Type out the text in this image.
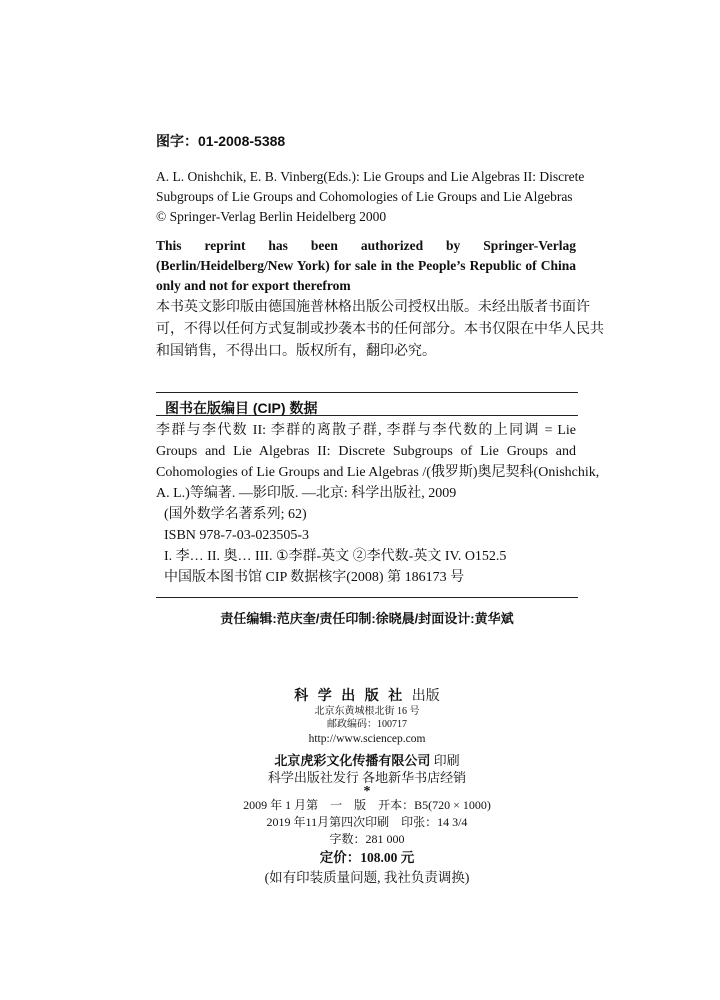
图字：01-2008-5388
A. L. Onishchik, E. B. Vinberg(Eds.): Lie Groups and Lie Algebras II: Discrete
Subgroups of Lie Groups and Cohomologies of Lie Groups and Lie Algebras
© Springer-Verlag Berlin Heidelberg 2000
This reprint has been authorized by Springer-Verlag (Berlin/Heidelberg/New York) for sale in the People’s Republic of China only and not for export therefrom
本书英文影印版由德国施普林格出版公司授权出版。未经出版者书面许
可，不得以任何方式复制或抄袭本书的任何部分。本书仅限在中华人民共
和国销售，不得出口。版权所有，翻印必究。
图书在版编目 (CIP) 数据
李群与李代数 II: 李群的离散子群, 李群与李代数的上同调 = Lie
Groups and Lie Algebras II: Discrete Subgroups of Lie Groups and
Cohomologies of Lie Groups and Lie Algebras /(俄罗斯)奥尼契科(Onishchik,
A. L.)等编著. —影印版. —北京: 科学出版社, 2009
(国外数学名著系列; 62)
ISBN 978-7-03-023505-3
I. 李… II. 奥… III. ①李群-英文 ②李代数-英文 IV. O152.5
中国版本图书馆 CIP 数据核字(2008) 第 186173 号
责任编辑:范庆奎/责任印制:徐晓晨/封面设计:黄华斌
科 学 出 版 社 出版
北京东黄城根北街 16 号
邮政编码：100717
http://www.sciencep.com
北京虎彩文化传播有限公司 印刷
科学出版社发行 各地新华书店经销
*
2009 年 1 月第　一　版　开本：B5(720 × 1000)
2019 年11月第四次印刷　印张：14 3/4
字数：281 000
定价：108.00 元
(如有印装质量问题, 我社负责调换)
